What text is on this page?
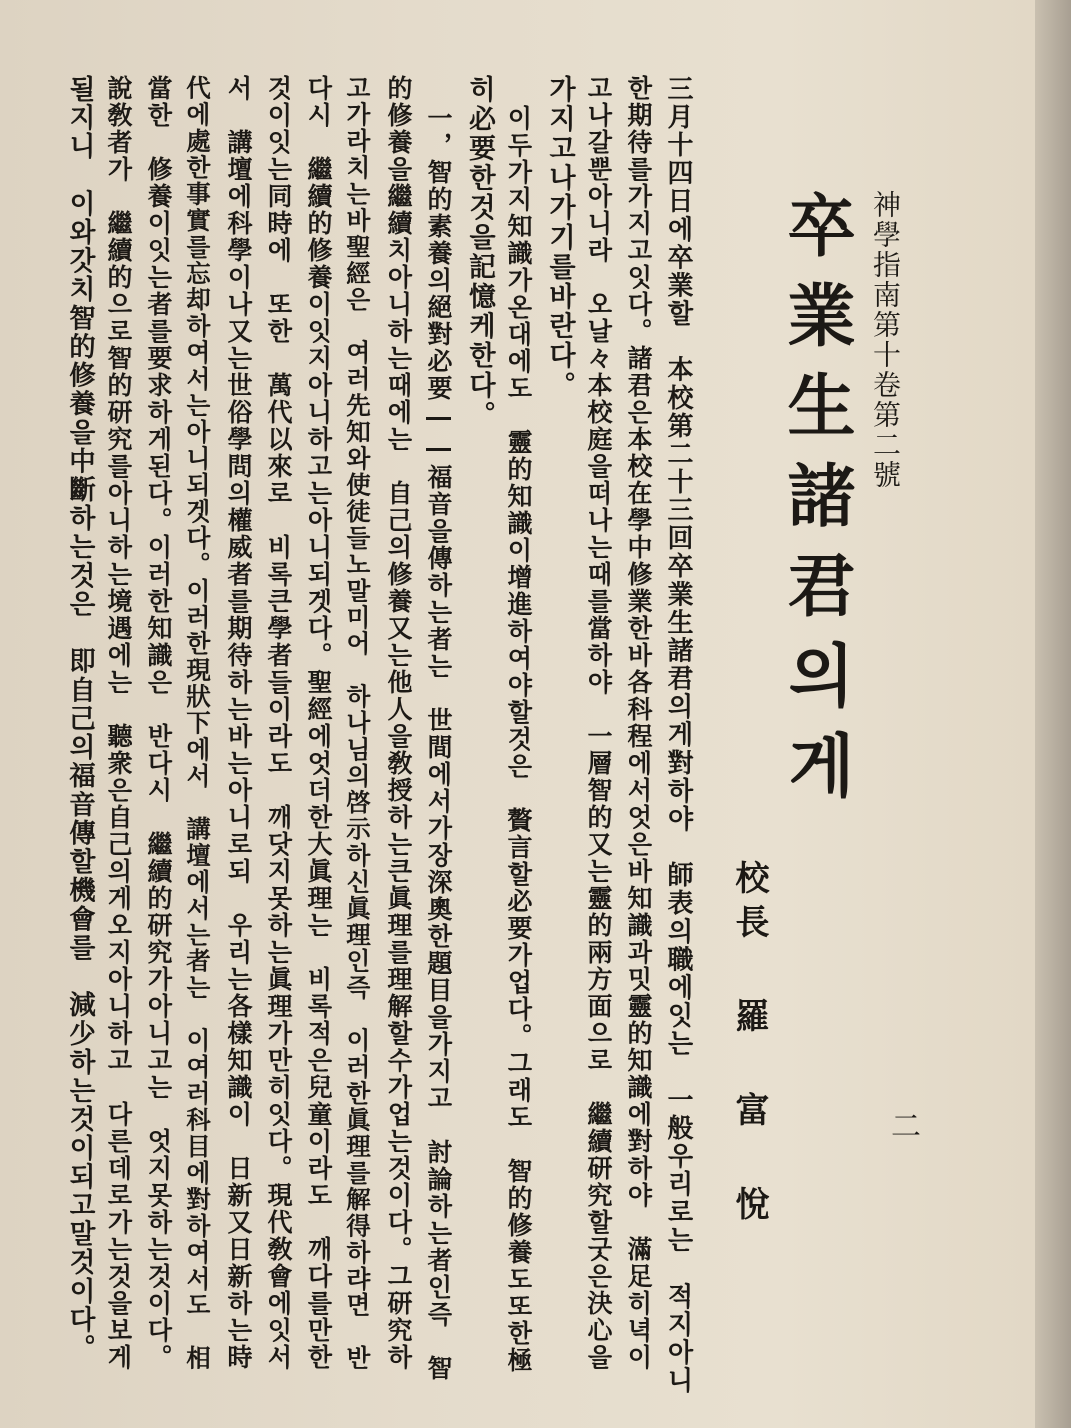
神學指南第十卷第二號
卒業生諸君의게
校長 羅 富 悅	二
三月十四日에卒業할　本校第二十三回卒業生諸君의게對하야　師表의職에잇는　一般우리로는　적지아니
한期待를가지고잇다。諸君은本校在學中修業한바各科程에서엇은바知識과밋靈的知識에對하야　滿足히녁이
고나갈뿐아니라　오날々本校庭을떠나는때를當하야　一層智的又는靈的兩方面으로　繼續研究할굿은決心을
가지고나가기를바란다。
이두가지知識가온대에도　靈的知識이增進하여야할것은　贅言할必要가업다。그래도　智的修養도또한極
히必要한것을記憶케한다。
一，智的素養의絕對必要――福音을傳하는者는　世間에서가장深奧한題目을가지고　討論하는者인즉　智
的修養을繼續치아니하는때에는　自己의修養又는他人을敎授하는큰眞理를理解할수가업는것이다。그研究하
고가라치는바聖經은　여러先知와使徒들노말미어　하나님의啓示하신眞理인즉　이러한眞理를解得하랴면　반
다시　繼續的修養이잇지아니하고는아니되겟다。聖經에엇더한大眞理는　비록적은兒童이라도　깨다를만한
것이잇는同時에　또한　萬代以來로　비록큰學者들이라도　깨닷지못하는眞理가만히잇다。現代敎會에잇서
서　講壇에科學이나又는世俗學問의權威者를期待하는바는아니로되　우리는各樣知識이　日新又日新하는時
代에處한事實를忘却하여서는아니되겟다。이러한現狀下에서　講壇에서는者는　이여러科目에對하여서도　相
當한　修養이잇는者를要求하게된다。이러한知識은　반다시　繼續的研究가아니고는　엇지못하는것이다。
說敎者가　繼續的으로智的研究를아니하는境遇에는　聽衆은自己의게오지아니하고　다른데로가는것을보게
될지니　이와갓치智的修養을中斷하는것은　即自己의福音傳할機會를　減少하는것이되고말것이다。
